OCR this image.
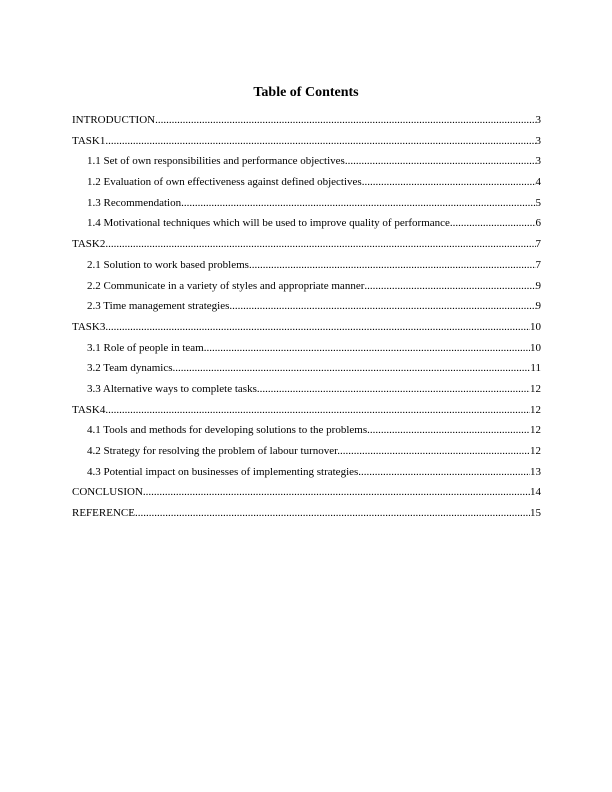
Table of Contents
INTRODUCTION .....	3
TASK1 .....	3
1.1 Set of own responsibilities and performance objectives .....	3
1.2 Evaluation of own effectiveness against defined objectives .....	4
1.3 Recommendation .....	5
1.4 Motivational techniques which will be used to improve quality of performance .....	6
TASK2 .....	7
2.1 Solution to work based problems .....	7
2.2 Communicate in a variety of styles and appropriate manner .....	9
2.3 Time management strategies .....	9
TASK3 .....	10
3.1 Role of people in team .....	10
3.2 Team dynamics .....	11
3.3 Alternative ways to complete tasks .....	12
TASK4 .....	12
4.1 Tools and methods for developing solutions to the problems .....	12
4.2 Strategy for resolving the problem of labour turnover. .....	12
4.3 Potential impact on businesses of implementing strategies. .....	13
CONCLUSION .....	14
REFERENCE .....	15
